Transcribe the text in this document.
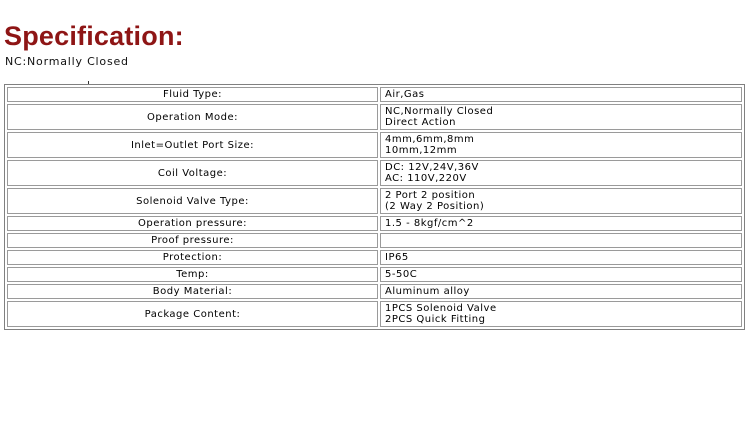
Specification:
NC:Normally Closed
Fluid Type:	Air,Gas

Operation Mode:	NC,Normally Closed
Direct Action

Inlet=Outlet Port Size:	4mm,6mm,8mm
10mm,12mm

Coil Voltage:	DC: 12V,24V,36V
AC: 110V,220V

Solenoid Valve Type:	2 Port 2 position
(2 Way 2 Position)

Operation pressure:	1.5 - 8kgf/cm^2

Proof pressure:	

Protection:	IP65

Temp:	5-50C

Body Material:	Aluminum alloy

Package Content:	1PCS Solenoid Valve
2PCS Quick Fitting
